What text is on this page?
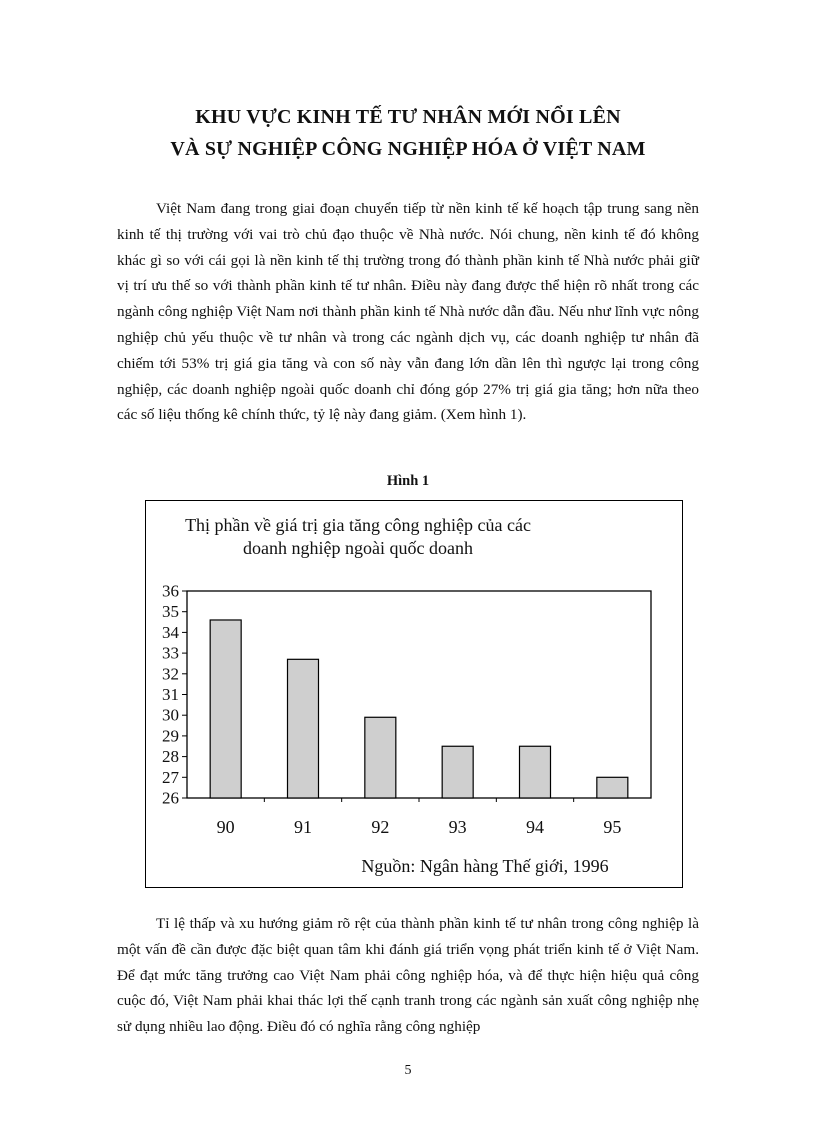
KHU VỰC KINH TẾ TƯ NHÂN MỚI NỔI LÊN
VÀ SỰ NGHIỆP CÔNG NGHIỆP HÓA Ở VIỆT NAM

Việt Nam đang trong giai đoạn chuyển tiếp từ nền kinh tế kế hoạch tập trung sang nền kinh tế thị trường với vai trò chủ đạo thuộc về Nhà nước. Nói chung, nền kinh tế đó không khác gì so với cái gọi là nền kinh tế thị trường trong đó thành phần kinh tế Nhà nước phải giữ vị trí ưu thế so với thành phần kinh tế tư nhân. Điều này đang được thể hiện rõ nhất trong các ngành công nghiệp Việt Nam nơi thành phần kinh tế Nhà nước dẫn đầu. Nếu như lĩnh vực nông nghiệp chủ yếu thuộc về tư nhân và trong các ngành dịch vụ, các doanh nghiệp tư nhân đã chiếm tới 53% trị giá gia tăng và con số này vẫn đang lớn dần lên thì ngược lại trong công nghiệp, các doanh nghiệp ngoài quốc doanh chỉ đóng góp 27% trị giá gia tăng; hơn nữa theo các số liệu thống kê chính thức, tỷ lệ này đang giảm. (Xem hình 1).

Hình 1
Thị phần về giá trị gia tăng công nghiệp của các
doanh nghiệp ngoài quốc doanh
26
27
28
29
30
31
32
33
34
35
36
90	91	92	93	94	95
Nguồn: Ngân hàng Thế giới, 1996

Tỉ lệ thấp và xu hướng giảm rõ rệt của thành phần kinh tế tư nhân trong công nghiệp là một vấn đề cần được đặc biệt quan tâm khi đánh giá triển vọng phát triển kinh tế ở Việt Nam. Để đạt mức tăng trưởng cao Việt Nam phải công nghiệp hóa, và để thực hiện hiệu quả công cuộc đó, Việt Nam phải khai thác lợi thế cạnh tranh trong các ngành sản xuất công nghiệp nhẹ sử dụng nhiều lao động. Điều đó có nghĩa rằng công nghiệp

5
